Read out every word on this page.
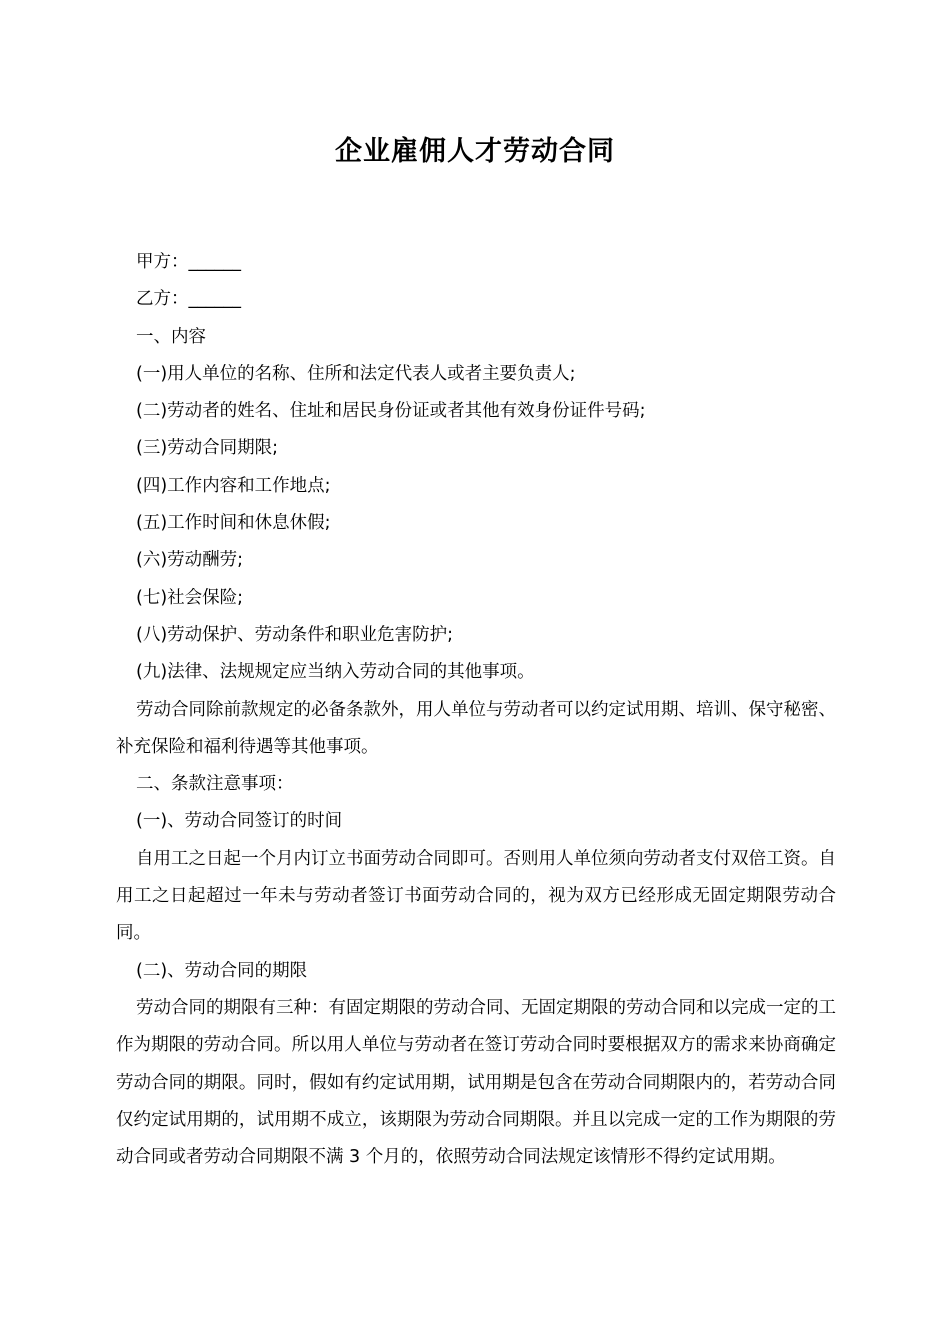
企业雇佣人才劳动合同

甲方：______

乙方：______

一、内容

(一)用人单位的名称、住所和法定代表人或者主要负责人;

(二)劳动者的姓名、住址和居民身份证或者其他有效身份证件号码;

(三)劳动合同期限;

(四)工作内容和工作地点;

(五)工作时间和休息休假;

(六)劳动酬劳;

(七)社会保险;

(八)劳动保护、劳动条件和职业危害防护;

(九)法律、法规规定应当纳入劳动合同的其他事项。

劳动合同除前款规定的必备条款外，用人单位与劳动者可以约定试用期、培训、保守秘密、补充保险和福利待遇等其他事项。

二、条款注意事项：

(一)、劳动合同签订的时间

自用工之日起一个月内订立书面劳动合同即可。否则用人单位须向劳动者支付双倍工资。自用工之日起超过一年未与劳动者签订书面劳动合同的，视为双方已经形成无固定期限劳动合同。

(二)、劳动合同的期限

劳动合同的期限有三种：有固定期限的劳动合同、无固定期限的劳动合同和以完成一定的工作为期限的劳动合同。所以用人单位与劳动者在签订劳动合同时要根据双方的需求来协商确定劳动合同的期限。同时，假如有约定试用期，试用期是包含在劳动合同期限内的，若劳动合同仅约定试用期的，试用期不成立，该期限为劳动合同期限。并且以完成一定的工作为期限的劳动合同或者劳动合同期限不满 3 个月的，依照劳动合同法规定该情形不得约定试用期。
